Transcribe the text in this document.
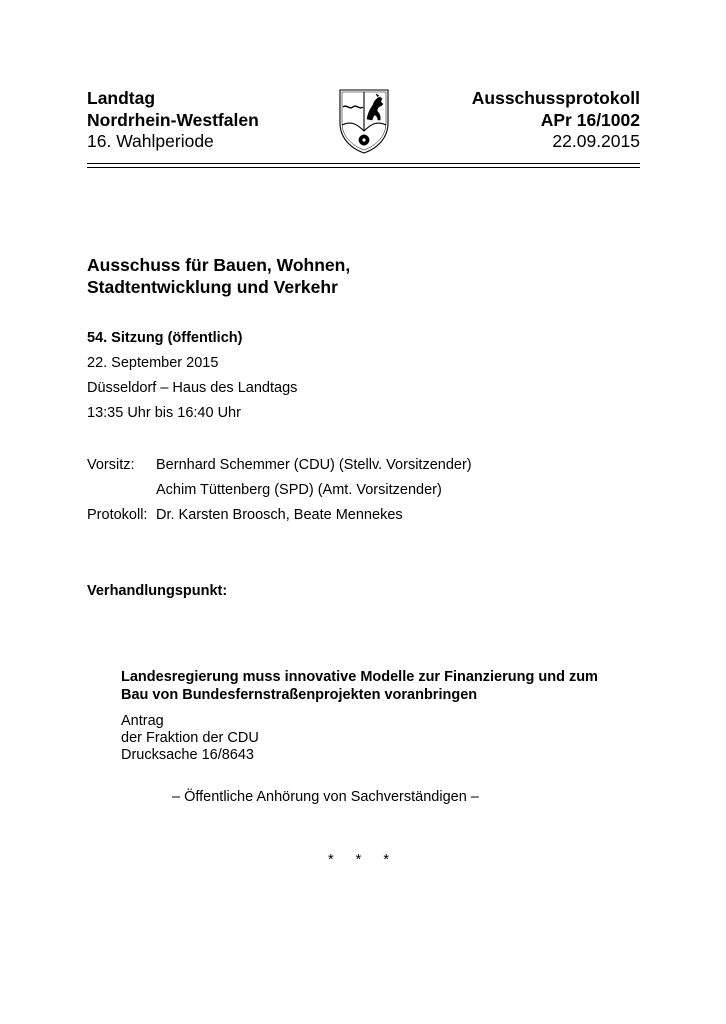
Landtag
Nordrhein-Westfalen
16. Wahlperiode
Ausschussprotokoll
APr 16/1002
22.09.2015
Ausschuss für Bauen, Wohnen,
Stadtentwicklung und Verkehr
54. Sitzung (öffentlich)
22. September 2015
Düsseldorf – Haus des Landtags
13:35 Uhr bis 16:40 Uhr
Vorsitz: Bernhard Schemmer (CDU) (Stellv. Vorsitzender)
Achim Tüttenberg (SPD) (Amt. Vorsitzender)
Protokoll: Dr. Karsten Broosch, Beate Mennekes
Verhandlungspunkt:
Landesregierung muss innovative Modelle zur Finanzierung und zum
Bau von Bundesfernstraßenprojekten voranbringen
Antrag
der Fraktion der CDU
Drucksache 16/8643
– Öffentliche Anhörung von Sachverständigen –
* * *
